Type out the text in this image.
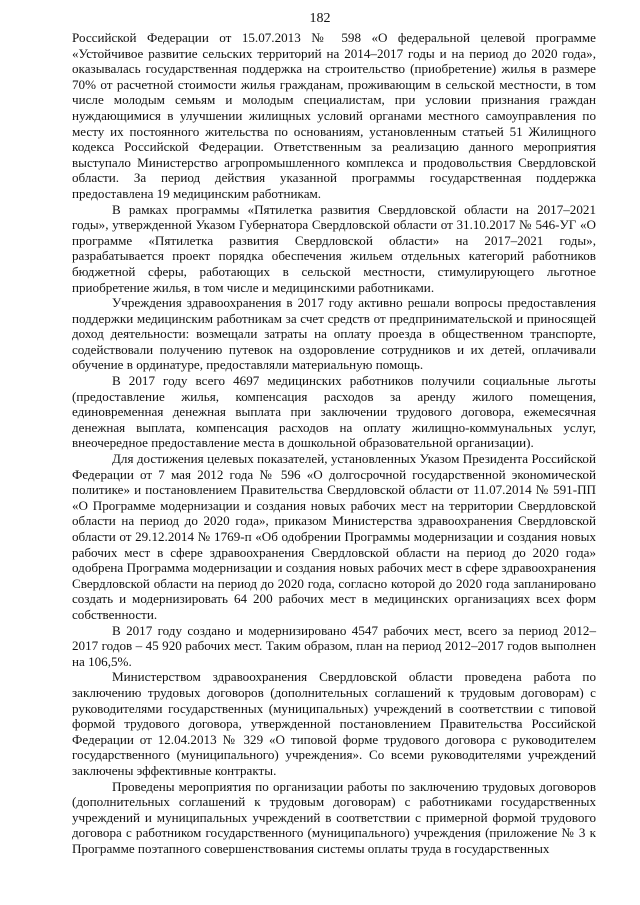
182

Российской Федерации от 15.07.2013 № 598 «О федеральной целевой программе «Устойчивое развитие сельских территорий на 2014–2017 годы и на период до 2020 года», оказывалась государственная поддержка на строительство (приобретение) жилья в размере 70% от расчетной стоимости жилья гражданам, проживающим в сельской местности, в том числе молодым семьям и молодым специалистам, при условии признания граждан нуждающимися в улучшении жилищных условий органами местного самоуправления по месту их постоянного жительства по основаниям, установленным статьей 51 Жилищного кодекса Российской Федерации. Ответственным за реализацию данного мероприятия выступало Министерство агропромышленного комплекса и продовольствия Свердловской области. За период действия указанной программы государственная поддержка предоставлена 19 медицинским работникам.

В рамках программы «Пятилетка развития Свердловской области на 2017–2021 годы», утвержденной Указом Губернатора Свердловской области от 31.10.2017 № 546-УГ «О программе «Пятилетка развития Свердловской области» на 2017–2021 годы», разрабатывается проект порядка обеспечения жильем отдельных категорий работников бюджетной сферы, работающих в сельской местности, стимулирующего льготное приобретение жилья, в том числе и медицинскими работниками.

Учреждения здравоохранения в 2017 году активно решали вопросы предоставления поддержки медицинским работникам за счет средств от предпринимательской и приносящей доход деятельности: возмещали затраты на оплату проезда в общественном транспорте, содействовали получению путевок на оздоровление сотрудников и их детей, оплачивали обучение в ординатуре, предоставляли материальную помощь.

В 2017 году всего 4697 медицинских работников получили социальные льготы (предоставление жилья, компенсация расходов за аренду жилого помещения, единовременная денежная выплата при заключении трудового договора, ежемесячная денежная выплата, компенсация расходов на оплату жилищно-коммунальных услуг, внеочередное предоставление места в дошкольной образовательной организации).

Для достижения целевых показателей, установленных Указом Президента Российской Федерации от 7 мая 2012 года № 596 «О долгосрочной государственной экономической политике» и постановлением Правительства Свердловской области от 11.07.2014 № 591-ПП «О Программе модернизации и создания новых рабочих мест на территории Свердловской области на период до 2020 года», приказом Министерства здравоохранения Свердловской области от 29.12.2014 № 1769-п «Об одобрении Программы модернизации и создания новых рабочих мест в сфере здравоохранения Свердловской области на период до 2020 года» одобрена Программа модернизации и создания новых рабочих мест в сфере здравоохранения Свердловской области на период до 2020 года, согласно которой до 2020 года запланировано создать и модернизировать 64 200 рабочих мест в медицинских организациях всех форм собственности.

В 2017 году создано и модернизировано 4547 рабочих мест, всего за период 2012–2017 годов – 45 920 рабочих мест. Таким образом, план на период 2012–2017 годов выполнен на 106,5%.

Министерством здравоохранения Свердловской области проведена работа по заключению трудовых договоров (дополнительных соглашений к трудовым договорам) с руководителями государственных (муниципальных) учреждений в соответствии с типовой формой трудового договора, утвержденной постановлением Правительства Российской Федерации от 12.04.2013 № 329 «О типовой форме трудового договора с руководителем государственного (муниципального) учреждения». Со всеми руководителями учреждений заключены эффективные контракты.

Проведены мероприятия по организации работы по заключению трудовых договоров (дополнительных соглашений к трудовым договорам) с работниками государственных учреждений и муниципальных учреждений в соответствии с примерной формой трудового договора с работником государственного (муниципального) учреждения (приложение № 3 к Программе поэтапного совершенствования системы оплаты труда в государственных
